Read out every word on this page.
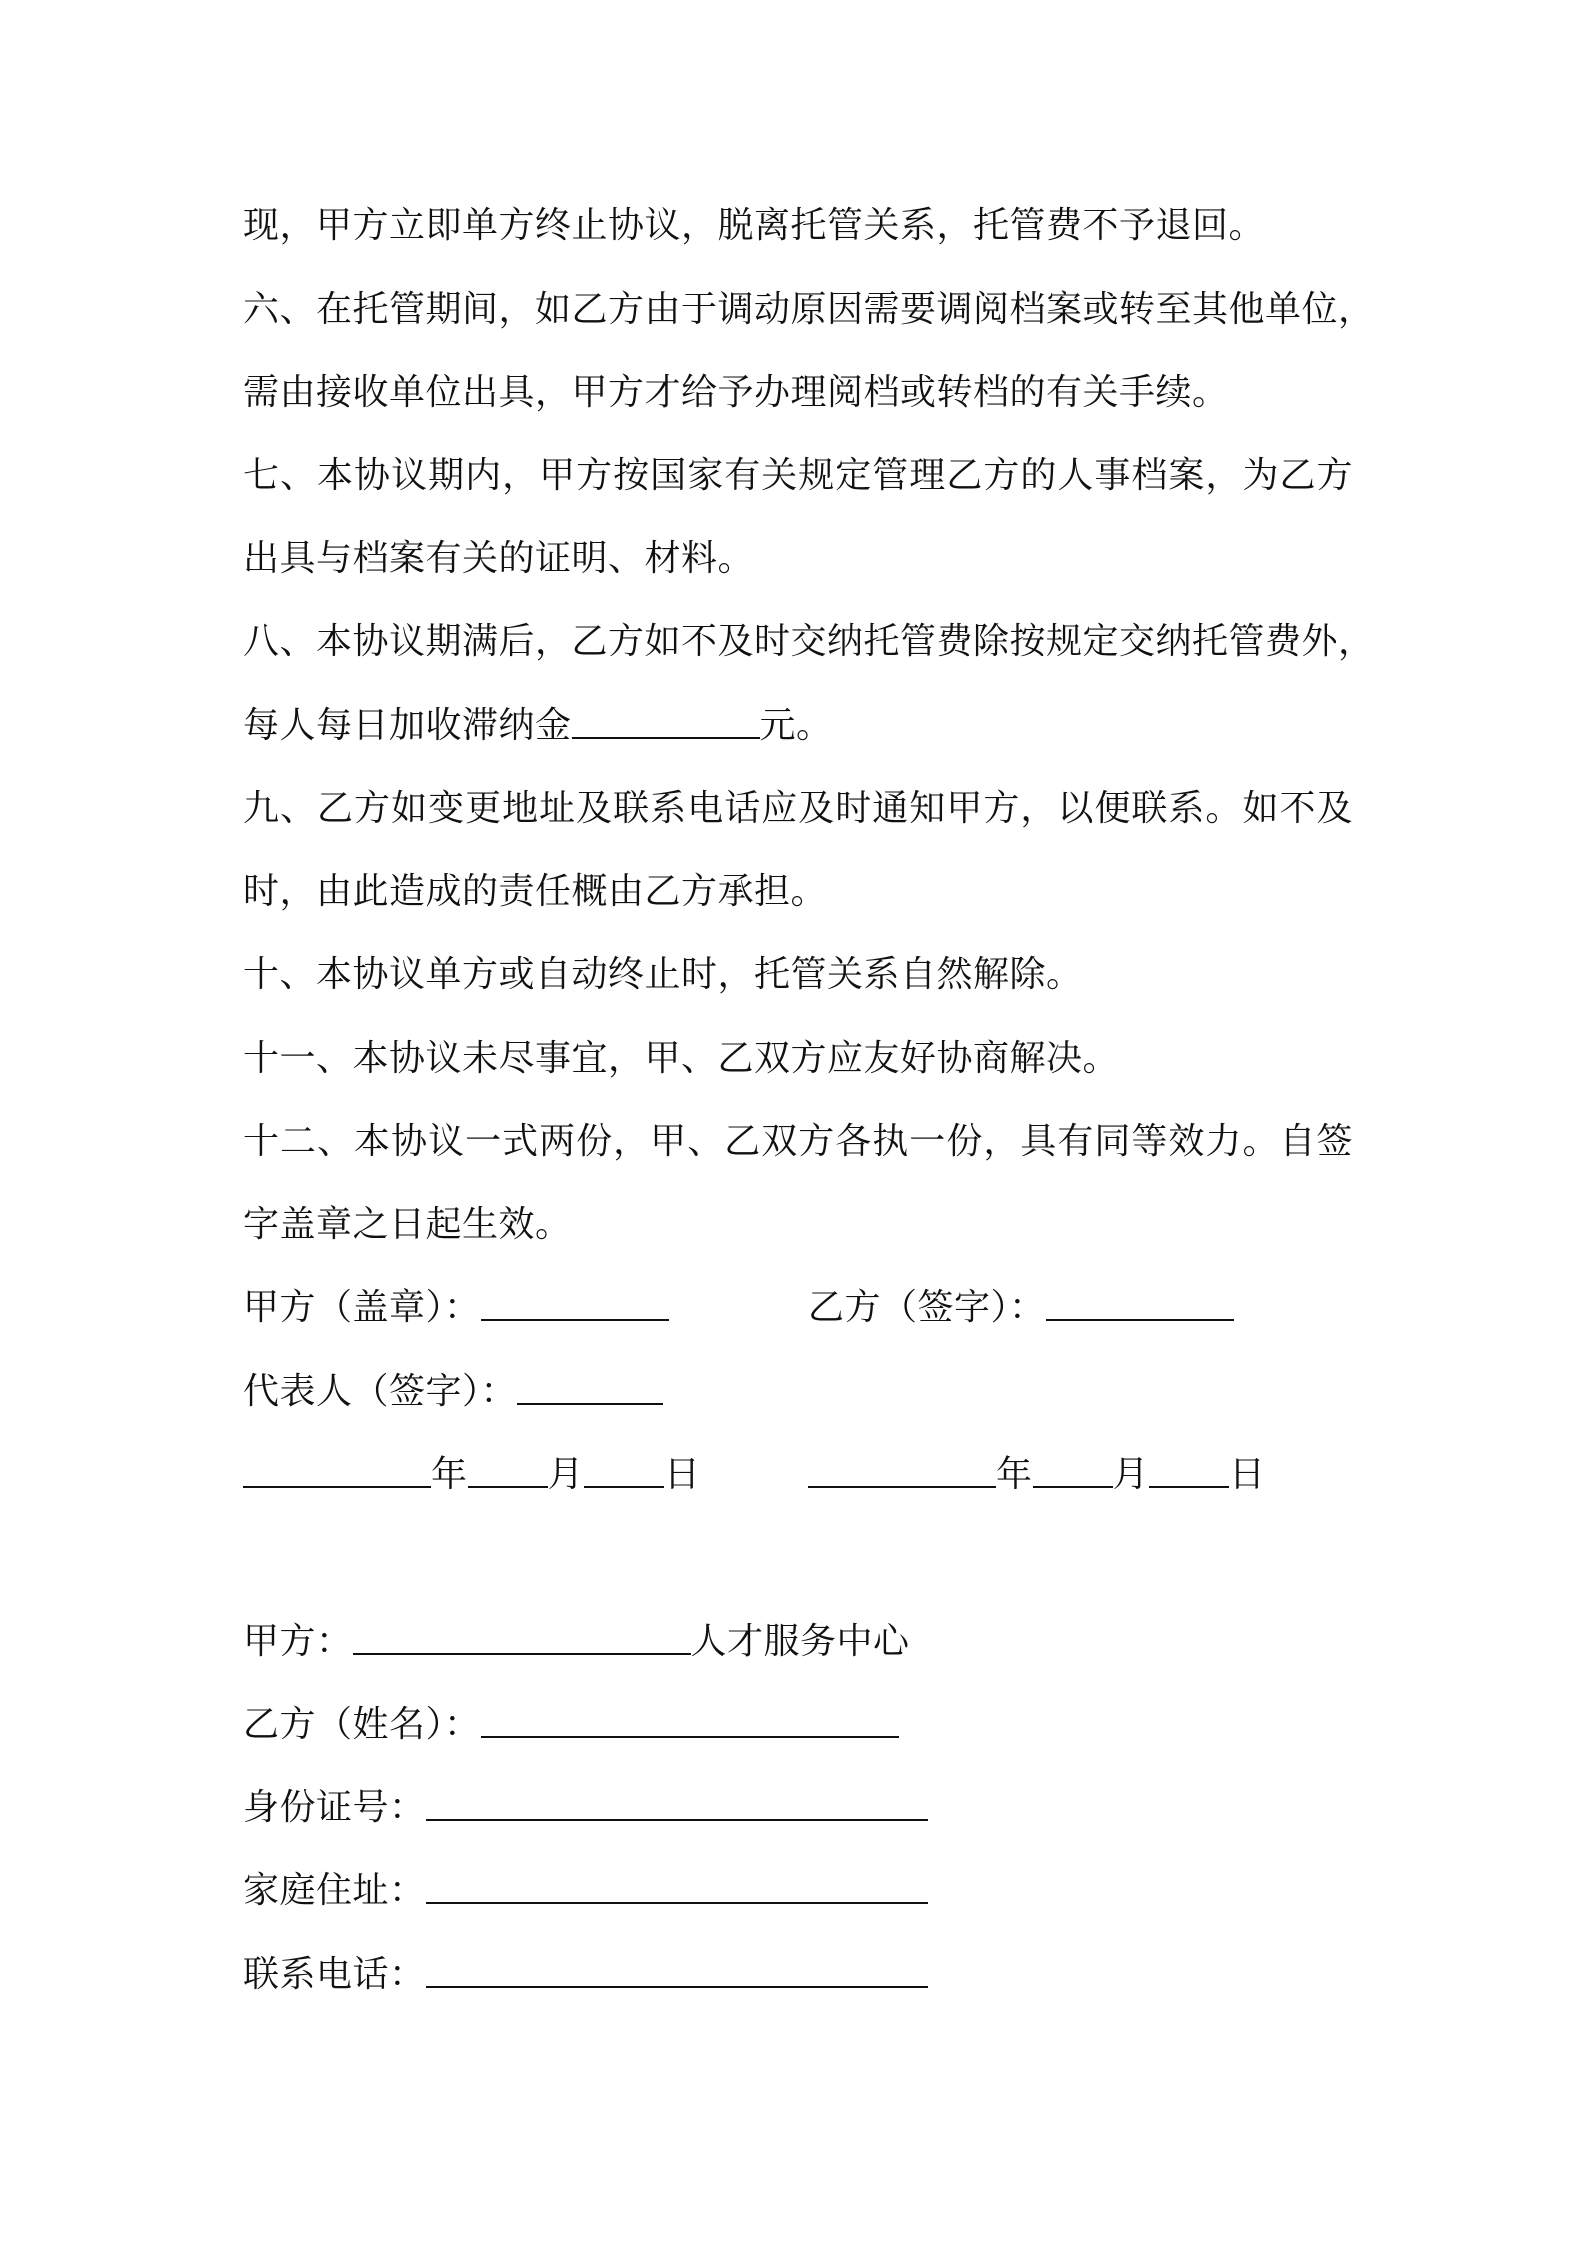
现，甲方立即单方终止协议，脱离托管关系，托管费不予退回。
六、在托管期间，如乙方由于调动原因需要调阅档案或转至其他单位，
需由接收单位出具，甲方才给予办理阅档或转档的有关手续。
七、本协议期内，甲方按国家有关规定管理乙方的人事档案，为乙方
出具与档案有关的证明、材料。
八、本协议期满后，乙方如不及时交纳托管费除按规定交纳托管费外，
每人每日加收滞纳金	元。
九、乙方如变更地址及联系电话应及时通知甲方，以便联系。如不及
时，由此造成的责任概由乙方承担。
十、本协议单方或自动终止时，托管关系自然解除。
十一、本协议未尽事宜，甲、乙双方应友好协商解决。
十二、本协议一式两份，甲、乙双方各执一份，具有同等效力。自签
字盖章之日起生效。
甲方（盖章）：	乙方（签字）：
代表人（签字）：
年 月 日	年 月 日
甲方：	人才服务中心
乙方（姓名）：
身份证号：
家庭住址：
联系电话：
